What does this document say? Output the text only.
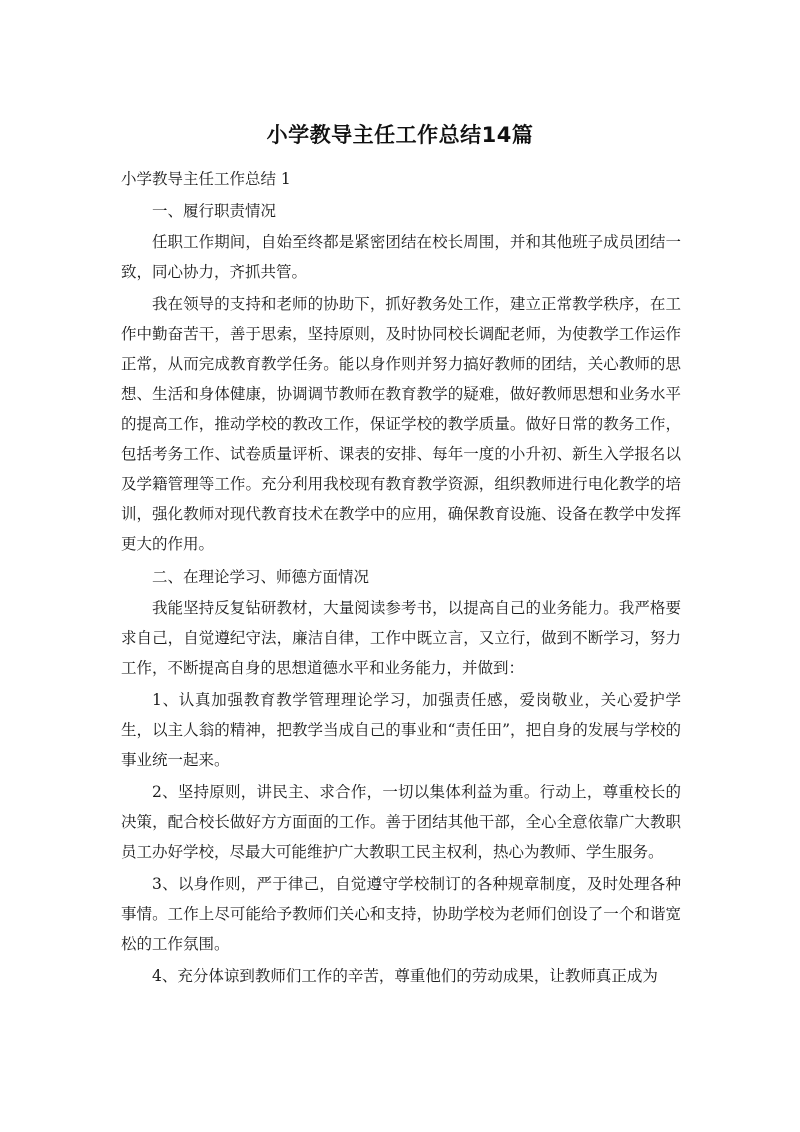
小学教导主任工作总结14篇

小学教导主任工作总结 1

一、履行职责情况

任职工作期间，自始至终都是紧密团结在校长周围，并和其他班子成员团结一致，同心协力，齐抓共管。

我在领导的支持和老师的协助下，抓好教务处工作，建立正常教学秩序，在工作中勤奋苦干，善于思索，坚持原则，及时协同校长调配老师，为使教学工作运作正常，从而完成教育教学任务。能以身作则并努力搞好教师的团结，关心教师的思想、生活和身体健康，协调调节教师在教育教学的疑难，做好教师思想和业务水平的提高工作，推动学校的教改工作，保证学校的教学质量。做好日常的教务工作，包括考务工作、试卷质量评析、课表的安排、每年一度的小升初、新生入学报名以及学籍管理等工作。充分利用我校现有教育教学资源，组织教师进行电化教学的培训，强化教师对现代教育技术在教学中的应用，确保教育设施、设备在教学中发挥更大的作用。

二、在理论学习、师德方面情况

我能坚持反复钻研教材，大量阅读参考书，以提高自己的业务能力。我严格要求自己，自觉遵纪守法，廉洁自律，工作中既立言，又立行，做到不断学习，努力工作，不断提高自身的思想道德水平和业务能力，并做到：

1、认真加强教育教学管理理论学习，加强责任感，爱岗敬业，关心爱护学生，以主人翁的精神，把教学当成自己的事业和“责任田”，把自身的发展与学校的事业统一起来。

2、坚持原则，讲民主、求合作，一切以集体利益为重。行动上，尊重校长的决策，配合校长做好方方面面的工作。善于团结其他干部，全心全意依靠广大教职员工办好学校，尽最大可能维护广大教职工民主权利，热心为教师、学生服务。

3、以身作则，严于律己，自觉遵守学校制订的各种规章制度，及时处理各种事情。工作上尽可能给予教师们关心和支持，协助学校为老师们创设了一个和谐宽松的工作氛围。

4、充分体谅到教师们工作的辛苦，尊重他们的劳动成果，让教师真正成为
